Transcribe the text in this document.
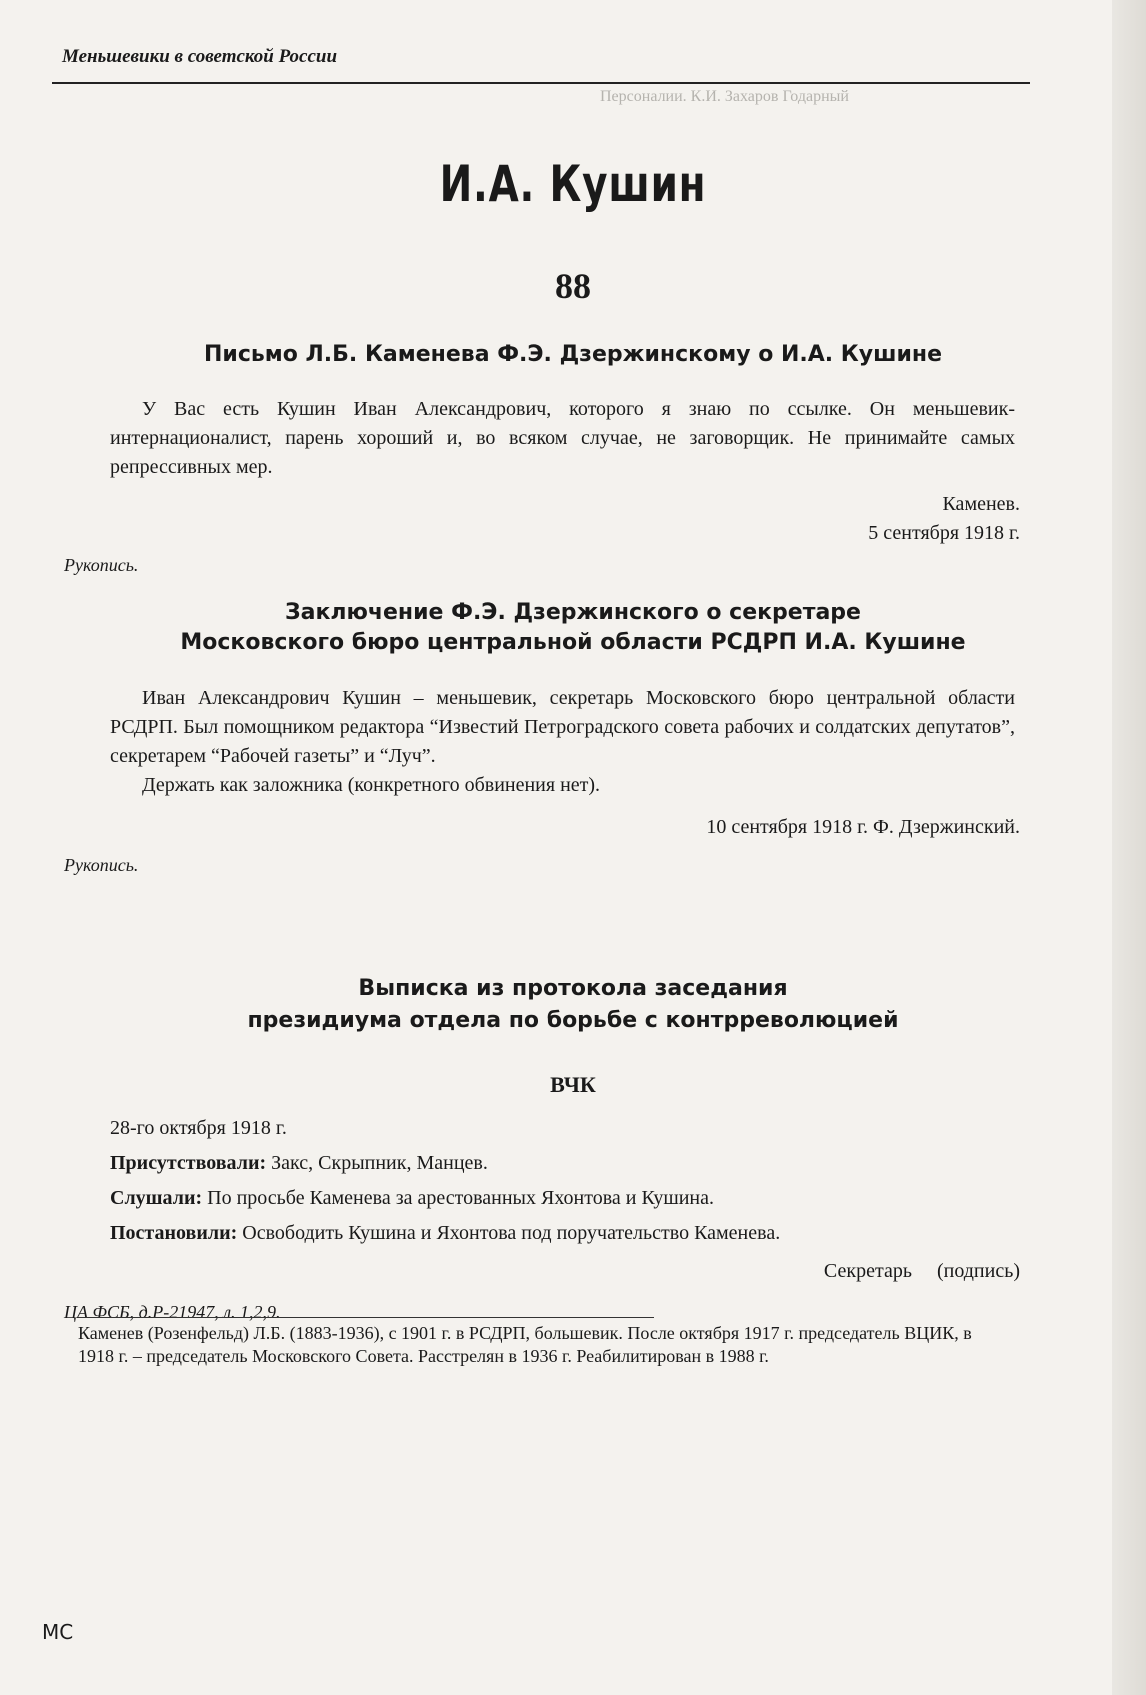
Меньшевики в советской России
Персоналии. К.И. Захаров Годарный
И.А. Кушин
88
Письмо Л.Б. Каменева Ф.Э. Дзержинскому о И.А. Кушине
У Вас есть Кушин Иван Александрович, которого я знаю по ссылке. Он меньшевик-интернационалист, парень хороший и, во всяком случае, не заговорщик. Не принимайте самых репрессивных мер.
Каменев.
5 сентября 1918 г.
Рукопись.
Заключение Ф.Э. Дзержинского о секретаре
Московского бюро центральной области РСДРП И.А. Кушине
Иван Александрович Кушин – меньшевик, секретарь Московского бюро центральной области РСДРП. Был помощником редактора “Известий Петроградского совета рабочих и солдатских депутатов”, секретарем “Рабочей газеты” и “Луч”.
Держать как заложника (конкретного обвинения нет).
10 сентября 1918 г. Ф. Дзержинский.
Рукопись.
Выписка из протокола заседания
президиума отдела по борьбе с контрреволюцией
ВЧК
28-го октября 1918 г.
Присутствовали: Закс, Скрыпник, Манцев.
Слушали: По просьбе Каменева за арестованных Яхонтова и Кушина.
Постановили: Освободить Кушина и Яхонтова под поручательство Каменева.
Секретарь (подпись)
ЦА ФСБ, д.Р-21947, л. 1,2,9.
Каменев (Розенфельд) Л.Б. (1883-1936), с 1901 г. в РСДРП, большевик. После октября 1917 г. председатель ВЦИК, в 1918 г. – председатель Московского Совета. Расстрелян в 1936 г. Реабилитирован в 1988 г.
МС
